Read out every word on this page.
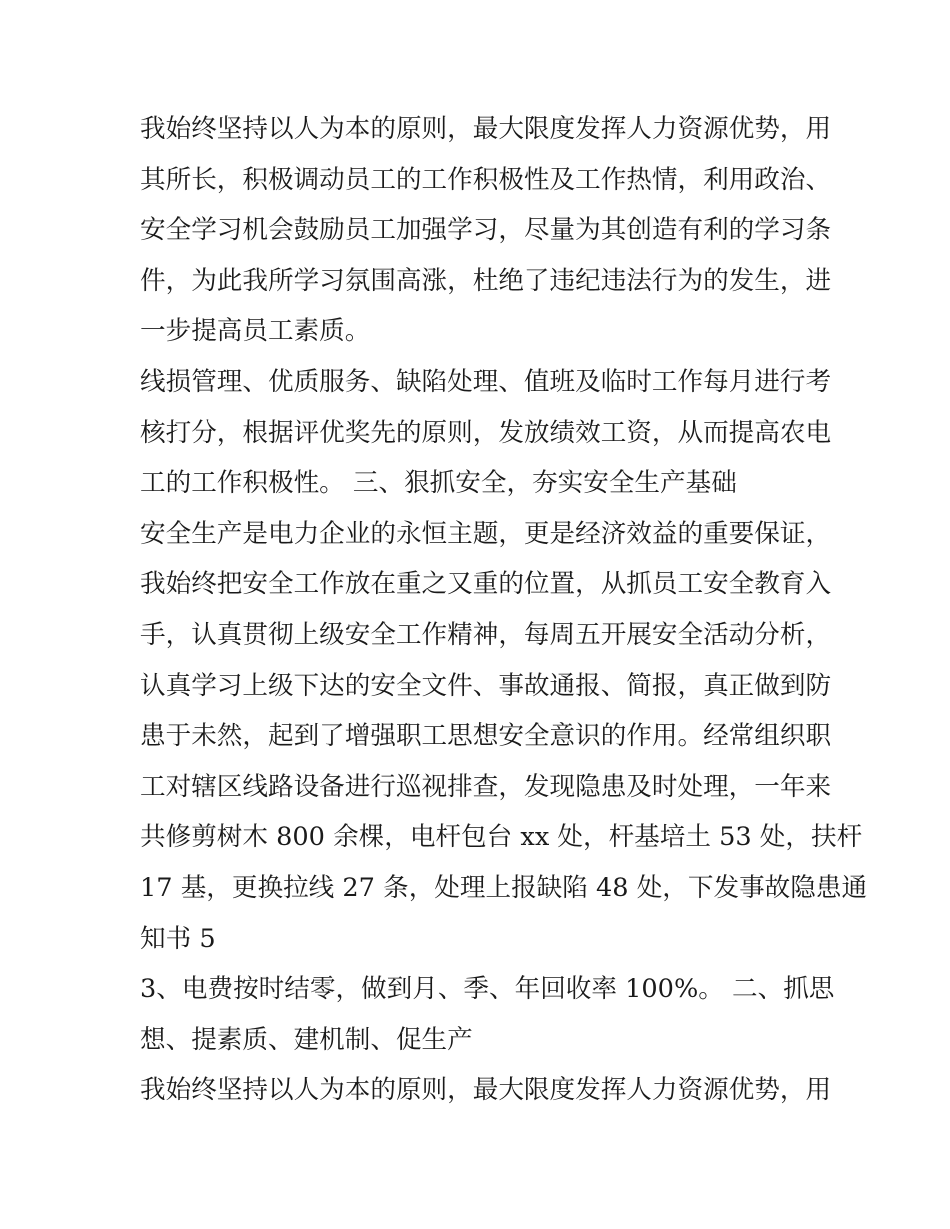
我始终坚持以人为本的原则，最大限度发挥人力资源优势，用
其所长，积极调动员工的工作积极性及工作热情，利用政治、
安全学习机会鼓励员工加强学习，尽量为其创造有利的学习条
件，为此我所学习氛围高涨，杜绝了违纪违法行为的发生，进
一步提高员工素质。

线损管理、优质服务、缺陷处理、值班及临时工作每月进行考
核打分，根据评优奖先的原则，发放绩效工资，从而提高农电
工的工作积极性。 三、狠抓安全，夯实安全生产基础

安全生产是电力企业的永恒主题，更是经济效益的重要保证，
我始终把安全工作放在重之又重的位置，从抓员工安全教育入
手，认真贯彻上级安全工作精神，每周五开展安全活动分析，
认真学习上级下达的安全文件、事故通报、简报，真正做到防
患于未然，起到了增强职工思想安全意识的作用。经常组织职
工对辖区线路设备进行巡视排查，发现隐患及时处理，一年来
共修剪树木 800 余棵，电杆包台 xx 处，杆基培土 53 处，扶杆
17 基，更换拉线 27 条，处理上报缺陷 48 处，下发事故隐患通
知书 5

3、电费按时结零，做到月、季、年回收率 100%。 二、抓思
想、提素质、建机制、促生产

我始终坚持以人为本的原则，最大限度发挥人力资源优势，用
